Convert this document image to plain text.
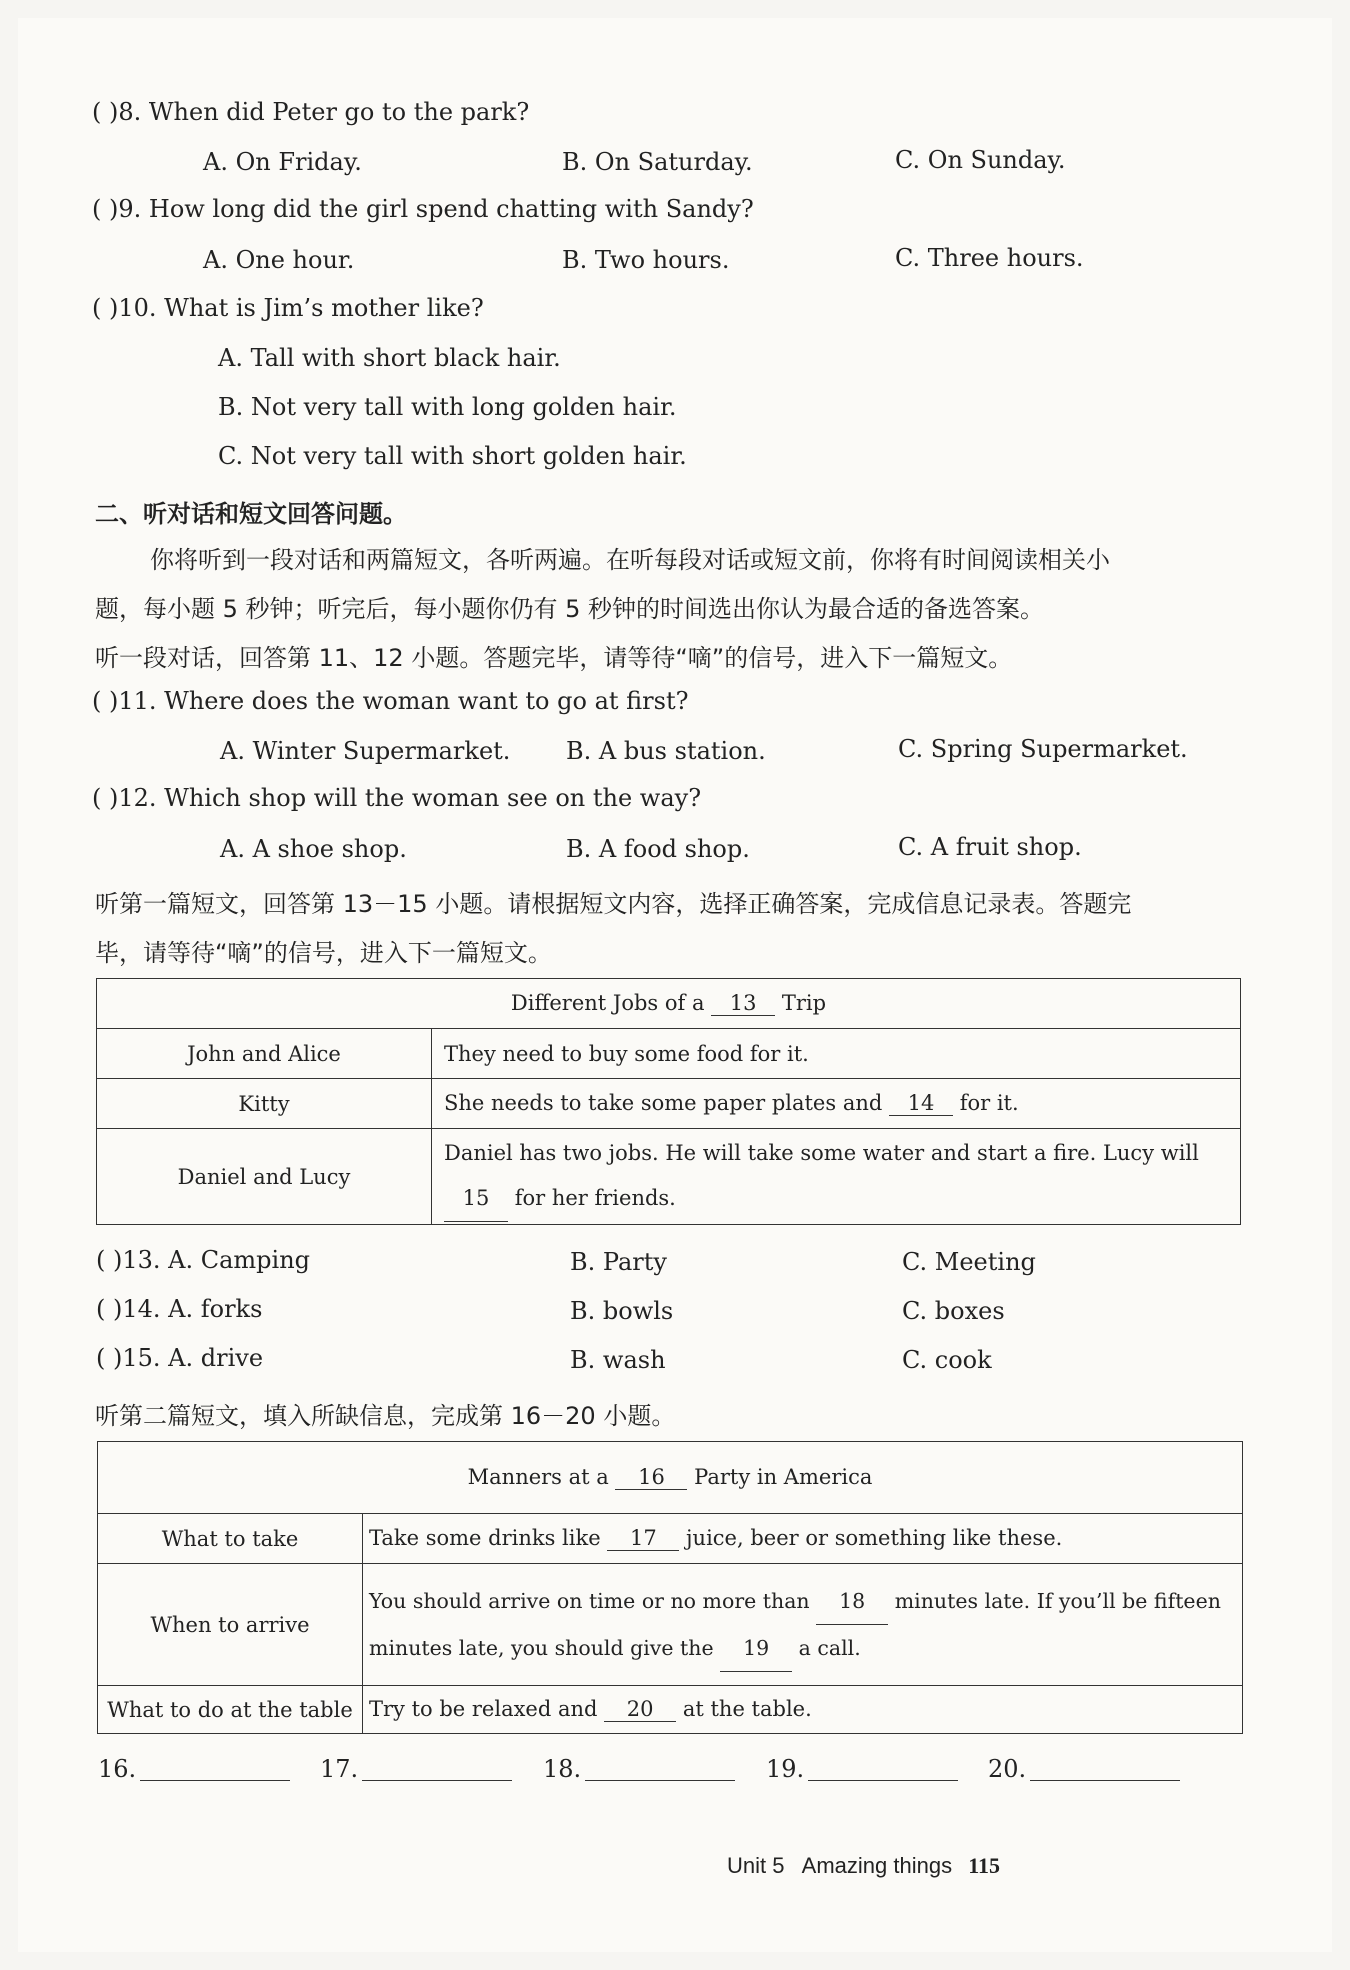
( )8. When did Peter go to the park?
A. On Friday.	B. On Saturday.	C. On Sunday.
( )9. How long did the girl spend chatting with Sandy?
A. One hour.	B. Two hours.	C. Three hours.
( )10. What is Jim’s mother like?
A. Tall with short black hair.
B. Not very tall with long golden hair.
C. Not very tall with short golden hair.
二、听对话和短文回答问题。
你将听到一段对话和两篇短文，各听两遍。在听每段对话或短文前，你将有时间阅读相关小
题，每小题 5 秒钟；听完后，每小题你仍有 5 秒钟的时间选出你认为最合适的备选答案。
听一段对话，回答第 11、12 小题。答题完毕，请等待“嘀”的信号，进入下一篇短文。
( )11. Where does the woman want to go at first?
A. Winter Supermarket. B. A bus station.	C. Spring Supermarket.
( )12. Which shop will the woman see on the way?
A. A shoe shop.	B. A food shop.	C. A fruit shop.
听第一篇短文，回答第 13－15 小题。请根据短文内容，选择正确答案，完成信息记录表。答题完
毕，请等待“嘀”的信号，进入下一篇短文。
Different Jobs of a 13 Trip	
John and Alice	They need to buy some food for it.
Kitty	She needs to take some paper plates and 14 for it.
Daniel and Lucy	Daniel has two jobs. He will take some water and start a fire. Lucy will
15 for her friends.
( )13. A. Camping	B. Party	C. Meeting
( )14. A. forks	B. bowls	C. boxes
( )15. A. drive	B. wash	C. cook
听第二篇短文，填入所缺信息，完成第 16－20 小题。
Manners at a 16 Party in America	
What to take	Take some drinks like 17 juice, beer or something like these.
When to arrive	You should arrive on time or no more than 18 minutes late. If you’ll be fifteen
minutes late, you should give the 19 a call.
What to do at the table	Try to be relaxed and 20 at the table.
16.	17.	18.	19.	20.
Unit 5 Amazing things 115
